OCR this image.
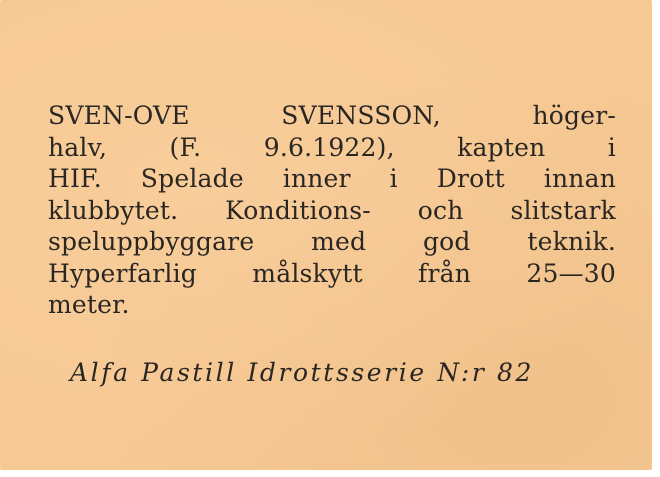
SVEN-OVE SVENSSON, höger-
halv, (F. 9.6.1922), kapten i
HIF. Spelade inner i Drott innan
klubbytet. Konditions- och slitstark
speluppbyggare med god teknik.
Hyperfarlig målskytt från 25—30
meter.

Alfa Pastill Idrottsserie N:r 82
